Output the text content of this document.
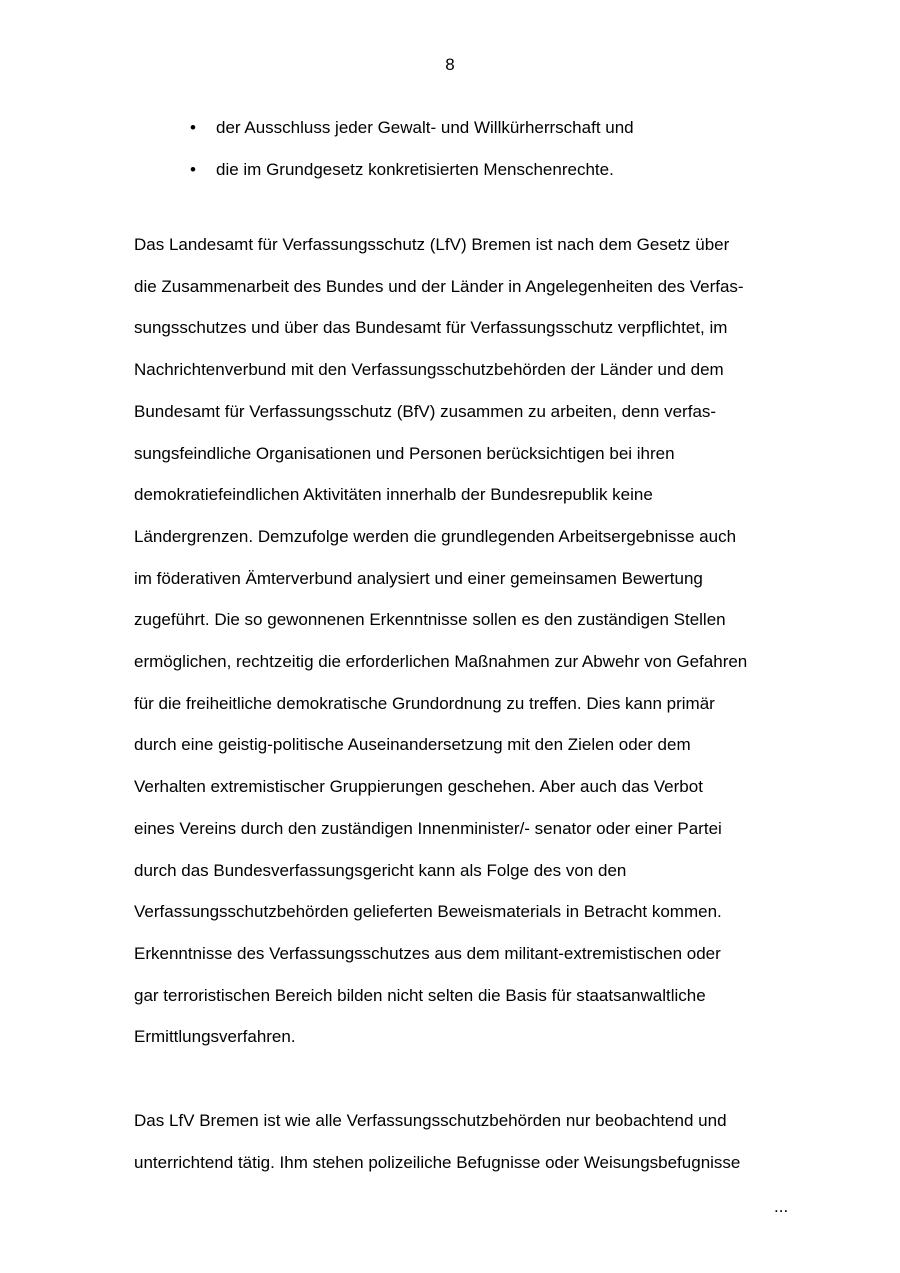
8
• der Ausschluss jeder Gewalt- und Willkürherrschaft und
• die im Grundgesetz konkretisierten Menschenrechte.

Das Landesamt für Verfassungsschutz (LfV) Bremen ist nach dem Gesetz über
die Zusammenarbeit des Bundes und der Länder in Angelegenheiten des Verfas-
sungsschutzes und über das Bundesamt für Verfassungsschutz verpflichtet, im
Nachrichtenverbund mit den Verfassungsschutzbehörden der Länder und dem
Bundesamt für Verfassungsschutz (BfV) zusammen zu arbeiten, denn verfas-
sungsfeindliche Organisationen und Personen berücksichtigen bei ihren
demokratiefeindlichen Aktivitäten innerhalb der Bundesrepublik keine
Ländergrenzen. Demzufolge werden die grundlegenden Arbeitsergebnisse auch
im föderativen Ämterverbund analysiert und einer gemeinsamen Bewertung
zugeführt. Die so gewonnenen Erkenntnisse sollen es den zuständigen Stellen
ermöglichen, rechtzeitig die erforderlichen Maßnahmen zur Abwehr von Gefahren
für die freiheitliche demokratische Grundordnung zu treffen. Dies kann primär
durch eine geistig-politische Auseinandersetzung mit den Zielen oder dem
Verhalten extremistischer Gruppierungen geschehen. Aber auch das Verbot
eines Vereins durch den zuständigen Innenminister/- senator oder einer Partei
durch das Bundesverfassungsgericht kann als Folge des von den
Verfassungsschutzbehörden gelieferten Beweismaterials in Betracht kommen.
Erkenntnisse des Verfassungsschutzes aus dem militant-extremistischen oder
gar terroristischen Bereich bilden nicht selten die Basis für staatsanwaltliche
Ermittlungsverfahren.

Das LfV Bremen ist wie alle Verfassungsschutzbehörden nur beobachtend und
unterrichtend tätig. Ihm stehen polizeiliche Befugnisse oder Weisungsbefugnisse

...
